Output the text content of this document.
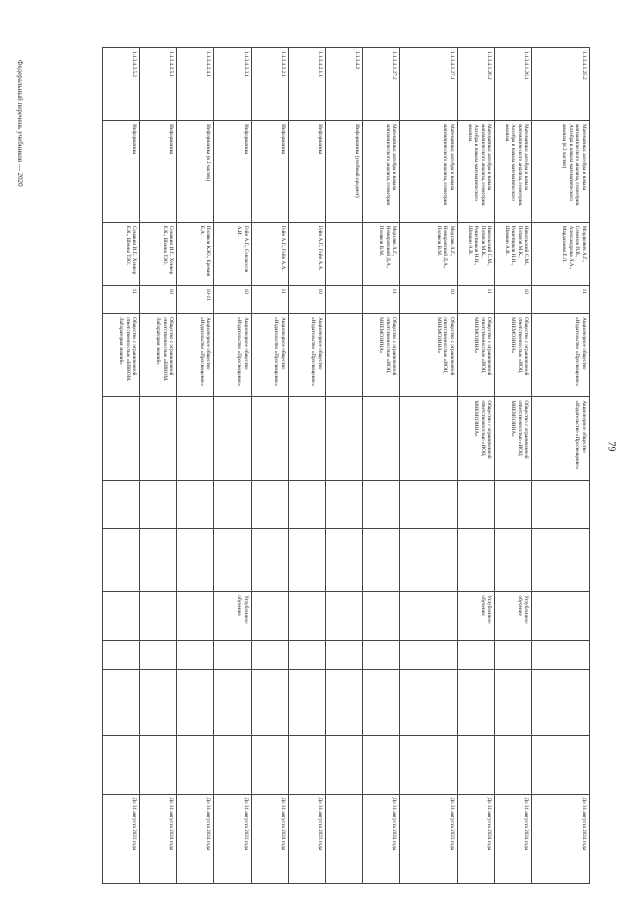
Федеральный перечень учебников — 2020
79
1.1.3.4.1.25.2	Математика: алгебра и начала математического анализа, геометрия. Алгебра и начала математического анализа (в 2 частях)	Мордкович А.Г., Семенов П.В., Александрова Л.А., Мардахаева Е.Л.	11	Акционерное общество «Издательство «Просвещение»	Акционерное общество «Издательство «Просвещение»							До 31 августа 2024 года
1.1.3.4.1.26.1	Математика: алгебра и начала математического анализа, геометрия. Алгебра и начала математического анализа	Никольский С.М., Потапов М.К., Решетников Н.Н., Шевкин А.В.	10	Общество с ограниченной ответственностью «ИОЦ МНЕМОЗИНА»	Общество с ограниченной ответственностью «ИОЦ МНЕМОЗИНА»			Углубленное обучение				До 31 августа 2024 года
1.1.3.4.1.26.2	Математика: алгебра и начала математического анализа, геометрия. Алгебра и начала математического анализа	Никольский С.М., Потапов М.К., Решетников Н.Н., Шевкин А.В.	11	Общество с ограниченной ответственностью «ИОЦ МНЕМОЗИНА»	Общество с ограниченной ответственностью «ИОЦ МНЕМОЗИНА»			Углубленное обучение				До 31 августа 2024 года
1.1.3.4.1.27.1	Математика: алгебра и начала математического анализа, геометрия	Мерзляк А.Г., Номировский Д.А., Поляков В.М.	10	Общество с ограниченной ответственностью «ИОЦ МНЕМОЗИНА»								До 31 августа 2023 года
1.1.3.4.1.27.2	Математика: алгебра и начала математического анализа, геометрия	Мерзляк А.Г., Номировский Д.А., Поляков В.М.	11	Общество с ограниченной ответственностью «ИОЦ МНЕМОЗИНА»								До 31 августа 2024 года
1.1.3.4.2	Информатика (учебный предмет)											
1.1.3.4.2.1.1	Информатика	Гейн А.Г., Гейн А.А.	10	Акционерное общество «Издательство «Просвещение»								До 31 августа 2023 года
1.1.3.4.2.2.1	Информатика	Гейн А.Г., Гейн А.А.	11	Акционерное общество «Издательство «Просвещение»								До 31 августа 2024 года
1.1.3.4.2.3.1	Информатика	Гейн А.Г., Сенокосов А.И.	10	Акционерное общество «Издательство «Просвещение»				Углубленное обучение				До 31 августа 2023 года
1.1.3.4.2.4.1	Информатика (в 2 частях)	Поляков К.Ю., Еремин Е.А.	10-11	Акционерное общество «Издательство «Просвещение»								До 31 августа 2024 года
1.1.3.4.2.5.1	Информатика	Семакин И.Г., Хеннер Е.К., Шеина Т.Ю.	10	Общество с ограниченной ответственностью «БИНОМ. Лаборатория знаний»								До 31 августа 2024 года
1.1.3.4.2.5.2	Информатика	Семакин И.Г., Хеннер Е.К., Шеина Т.Ю.	11	Общество с ограниченной ответственностью «БИНОМ. Лаборатория знаний»								До 31 августа 2023 года
